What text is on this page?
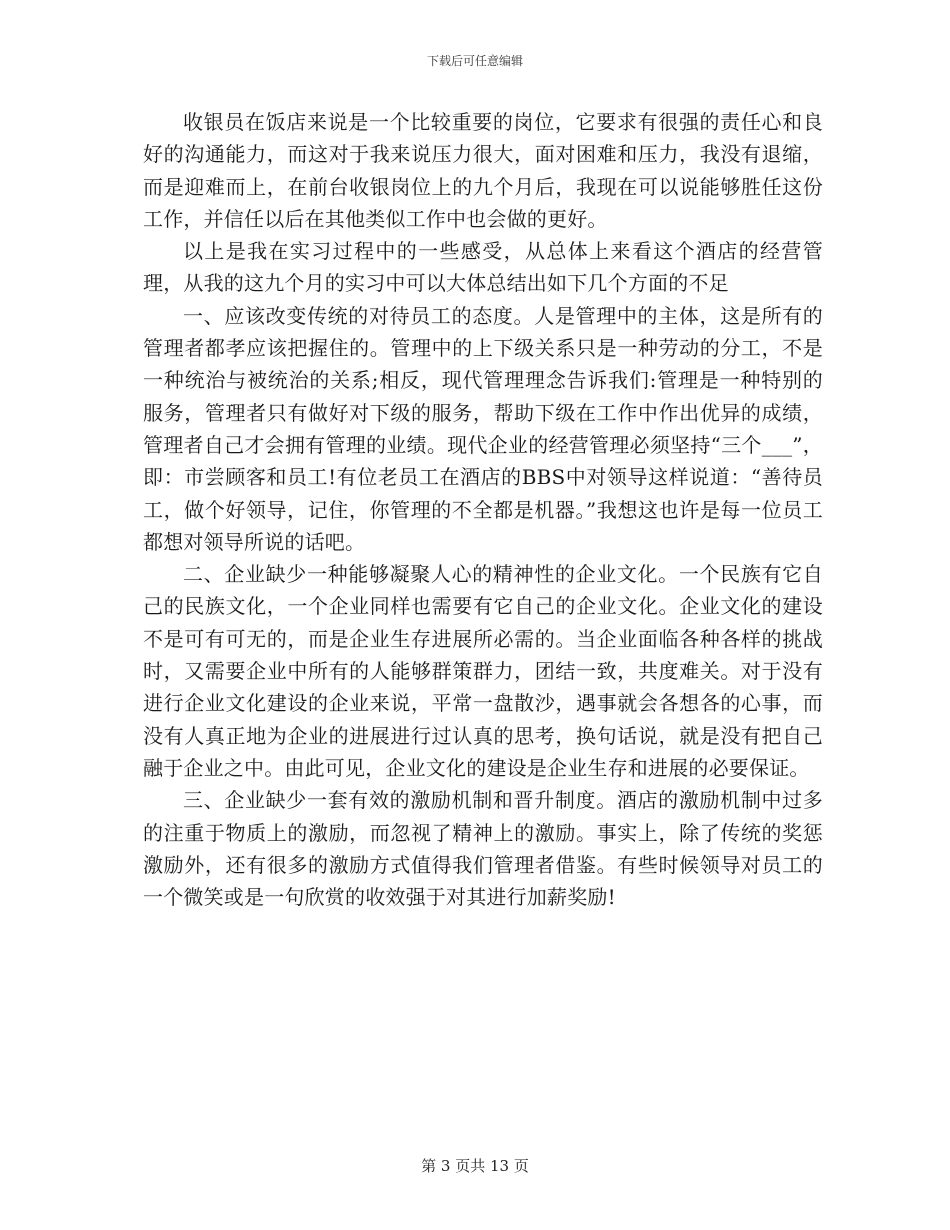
下载后可任意编辑

收银员在饭店来说是一个比较重要的岗位，它要求有很强的责任心和良好的沟通能力，而这对于我来说压力很大，面对困难和压力，我没有退缩，而是迎难而上，在前台收银岗位上的九个月后，我现在可以说能够胜任这份工作，并信任以后在其他类似工作中也会做的更好。

以上是我在实习过程中的一些感受，从总体上来看这个酒店的经营管理，从我的这九个月的实习中可以大体总结出如下几个方面的不足

一、应该改变传统的对待员工的态度。人是管理中的主体，这是所有的管理者都孝应该把握住的。管理中的上下级关系只是一种劳动的分工，不是一种统治与被统治的关系;相反，现代管理理念告诉我们:管理是一种特别的服务，管理者只有做好对下级的服务，帮助下级在工作中作出优异的成绩，管理者自己才会拥有管理的业绩。现代企业的经营管理必须坚持“三个___”，即：市尝顾客和员工!有位老员工在酒店的BBS中对领导这样说道：“善待员工，做个好领导，记住，你管理的不全都是机器。”我想这也许是每一位员工都想对领导所说的话吧。

二、企业缺少一种能够凝聚人心的精神性的企业文化。一个民族有它自己的民族文化，一个企业同样也需要有它自己的企业文化。企业文化的建设不是可有可无的，而是企业生存进展所必需的。当企业面临各种各样的挑战时，又需要企业中所有的人能够群策群力，团结一致，共度难关。对于没有进行企业文化建设的企业来说，平常一盘散沙，遇事就会各想各的心事，而没有人真正地为企业的进展进行过认真的思考，换句话说，就是没有把自己融于企业之中。由此可见，企业文化的建设是企业生存和进展的必要保证。

三、企业缺少一套有效的激励机制和晋升制度。酒店的激励机制中过多的注重于物质上的激励，而忽视了精神上的激励。事实上，除了传统的奖惩激励外，还有很多的激励方式值得我们管理者借鉴。有些时候领导对员工的一个微笑或是一句欣赏的收效强于对其进行加薪奖励!

第 3 页共 13 页
